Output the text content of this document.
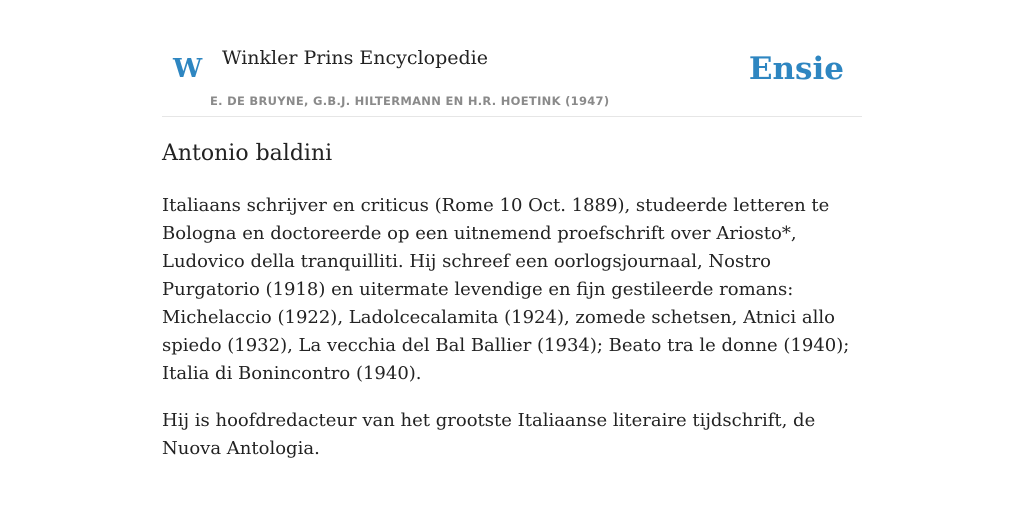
W Winkler Prins Encyclopedie
E. DE BRUYNE, G.B.J. HILTERMANN EN H.R. HOETINK (1947)
Ensie
Antonio baldini

Italiaans schrijver en criticus (Rome 10 Oct. 1889), studeerde letteren te Bologna en doctoreerde op een uitnemend proefschrift over Ariosto*, Ludovico della tranquilliti. Hij schreef een oorlogsjournaal, Nostro Purgatorio (1918) en uitermate levendige en fijn gestileerde romans: Michelaccio (1922), Ladolcecalamita (1924), zomede schetsen, Atnici allo spiedo (1932), La vecchia del Bal Ballier (1934); Beato tra le donne (1940); Italia di Bonincontro (1940).

Hij is hoofdredacteur van het grootste Italiaanse literaire tijdschrift, de Nuova Antologia.
